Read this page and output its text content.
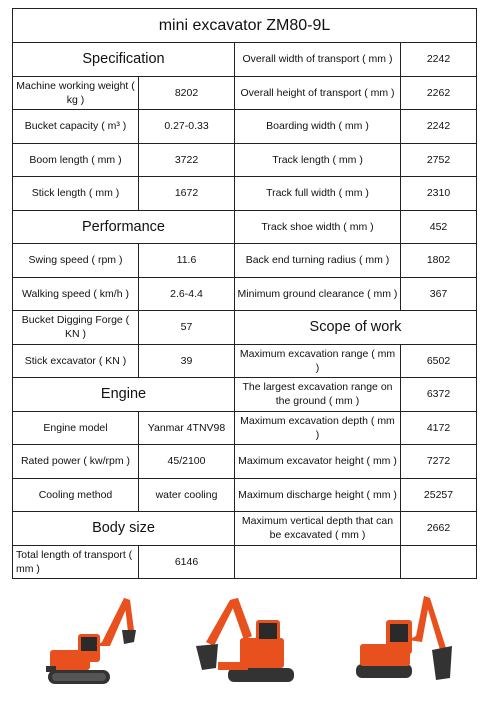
mini excavator ZM80-9L			
Specification		Overall width of transport ( mm )	2242
Machine working weight ( kg )	8202	Overall height of transport ( mm )	2262
Bucket capacity ( m³ )	0.27-0.33	Boarding width ( mm )	2242
Boom length ( mm )	3722	Track length ( mm )	2752
Stick length ( mm )	1672	Track full width ( mm )	2310
Performance		Track shoe width ( mm )	452
Swing speed ( rpm )	11.6	Back end turning radius ( mm )	1802
Walking speed ( km/h )	2.6-4.4	Minimum ground clearance ( mm )	367
Bucket Digging Forge ( KN )	57	Scope of work	
Stick excavator ( KN )	39	Maximum excavation range ( mm )	6502
Engine		The largest excavation range on the ground ( mm )	6372
Engine model	Yanmar 4TNV98	Maximum excavation depth ( mm )	4172
Rated power ( kw/rpm )	45/2100	Maximum excavator height ( mm )	7272
Cooling method	water cooling	Maximum discharge height ( mm )	25257
Body size		Maximum vertical depth that can be excavated ( mm )	2662
Total length of transport ( mm )	6146		
